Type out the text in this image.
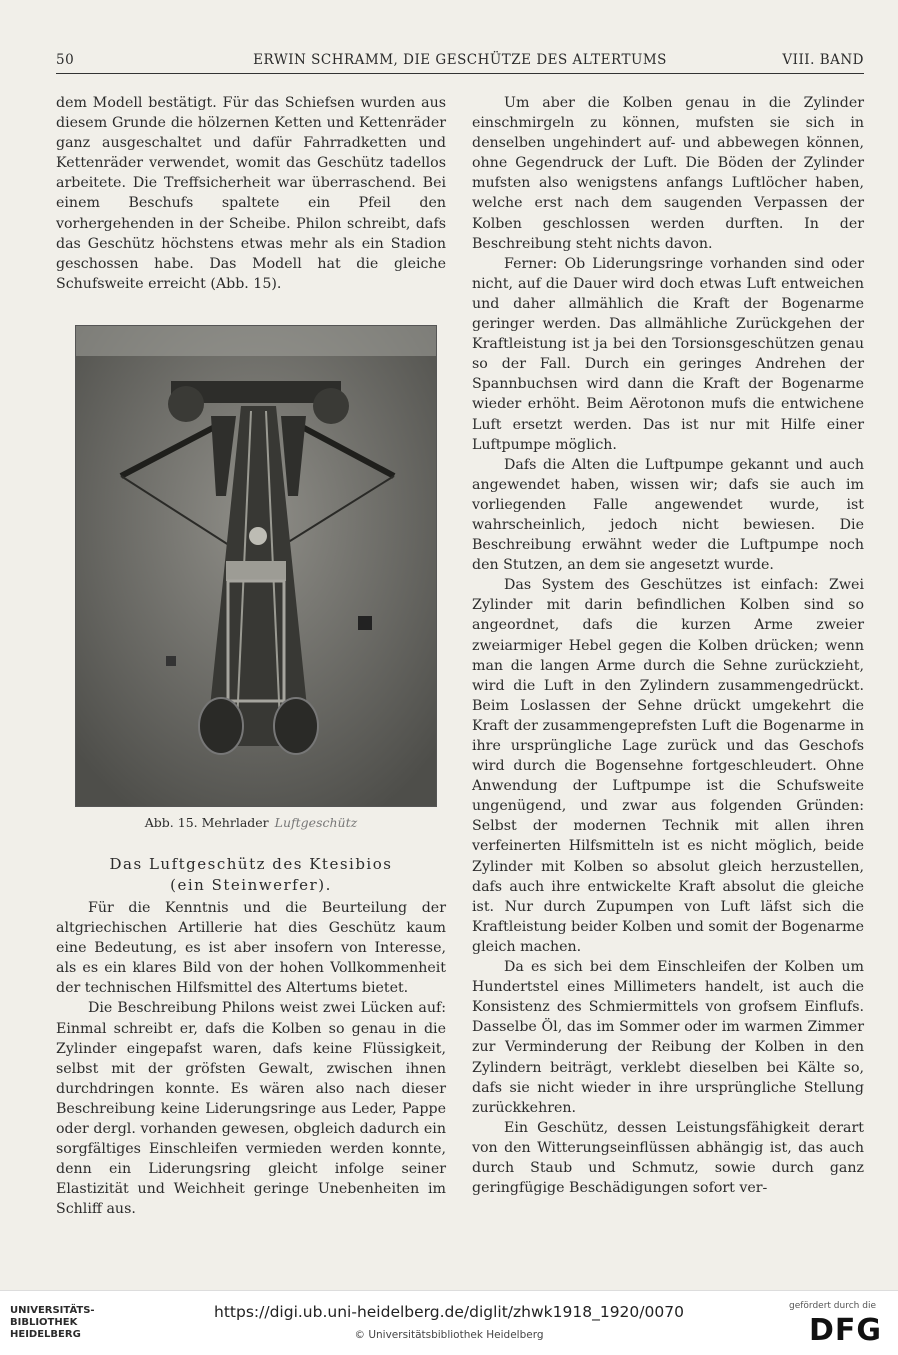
50	ERWIN SCHRAMM, DIE GESCHÜTZE DES ALTERTUMS	VIII. BAND

dem Modell bestätigt. Für das Schiefsen wurden aus diesem Grunde die hölzernen Ketten und Kettenräder ganz ausgeschaltet und dafür Fahrradketten und Kettenräder verwendet, womit das Geschütz tadellos arbeitete. Die Treffsicherheit war überraschend. Bei einem Beschufs spaltete ein Pfeil den vorhergehenden in der Scheibe. Philon schreibt, dafs das Geschütz höchstens etwas mehr als ein Stadion geschossen habe. Das Modell hat die gleiche Schufsweite erreicht (Abb. 15).

Abb. 15. Mehrlader Luftgeschütz
Das Luftgeschütz des Ktesibios
(ein Steinwerfer).

Für die Kenntnis und die Beurteilung der altgriechischen Artillerie hat dies Geschütz kaum eine Bedeutung, es ist aber insofern von Interesse, als es ein klares Bild von der hohen Vollkommenheit der technischen Hilfsmittel des Altertums bietet.

Die Beschreibung Philons weist zwei Lücken auf: Einmal schreibt er, dafs die Kolben so genau in die Zylinder eingepafst waren, dafs keine Flüssigkeit, selbst mit der gröfsten Gewalt, zwischen ihnen durchdringen konnte. Es wären also nach dieser Beschreibung keine Liderungsringe aus Leder, Pappe oder dergl. vorhanden gewesen, obgleich dadurch ein sorgfältiges Einschleifen vermieden werden konnte, denn ein Liderungsring gleicht infolge seiner Elastizität und Weichheit geringe Unebenheiten im Schliff aus.

Um aber die Kolben genau in die Zylinder einschmirgeln zu können, mufsten sie sich in denselben ungehindert auf- und abbewegen können, ohne Gegendruck der Luft. Die Böden der Zylinder mufsten also wenigstens anfangs Luftlöcher haben, welche erst nach dem saugenden Verpassen der Kolben geschlossen werden durften. In der Beschreibung steht nichts davon.

Ferner: Ob Liderungsringe vorhanden sind oder nicht, auf die Dauer wird doch etwas Luft entweichen und daher allmählich die Kraft der Bogenarme geringer werden. Das allmähliche Zurückgehen der Kraftleistung ist ja bei den Torsionsgeschützen genau so der Fall. Durch ein geringes Andrehen der Spannbuchsen wird dann die Kraft der Bogenarme wieder erhöht. Beim Aërotonon mufs die entwichene Luft ersetzt werden. Das ist nur mit Hilfe einer Luftpumpe möglich.

Dafs die Alten die Luftpumpe gekannt und auch angewendet haben, wissen wir; dafs sie auch im vorliegenden Falle angewendet wurde, ist wahrscheinlich, jedoch nicht bewiesen. Die Beschreibung erwähnt weder die Luftpumpe noch den Stutzen, an dem sie angesetzt wurde.

Das System des Geschützes ist einfach: Zwei Zylinder mit darin befindlichen Kolben sind so angeordnet, dafs die kurzen Arme zweier zweiarmiger Hebel gegen die Kolben drücken; wenn man die langen Arme durch die Sehne zurückzieht, wird die Luft in den Zylindern zusammengedrückt. Beim Loslassen der Sehne drückt umgekehrt die Kraft der zusammengeprefsten Luft die Bogenarme in ihre ursprüngliche Lage zurück und das Geschofs wird durch die Bogensehne fortgeschleudert. Ohne Anwendung der Luftpumpe ist die Schufsweite ungenügend, und zwar aus folgenden Gründen: Selbst der modernen Technik mit allen ihren verfeinerten Hilfsmitteln ist es nicht möglich, beide Zylinder mit Kolben so absolut gleich herzustellen, dafs auch ihre entwickelte Kraft absolut die gleiche ist. Nur durch Zupumpen von Luft läfst sich die Kraftleistung beider Kolben und somit der Bogenarme gleich machen.

Da es sich bei dem Einschleifen der Kolben um Hundertstel eines Millimeters handelt, ist auch die Konsistenz des Schmiermittels von grofsem Einflufs. Dasselbe Öl, das im Sommer oder im warmen Zimmer zur Verminderung der Reibung der Kolben in den Zylindern beiträgt, verklebt dieselben bei Kälte so, dafs sie nicht wieder in ihre ursprüngliche Stellung zurückkehren.

Ein Geschütz, dessen Leistungsfähigkeit derart von den Witterungseinflüssen abhängig ist, das auch durch Staub und Schmutz, sowie durch ganz geringfügige Beschädigungen sofort ver-

UNIVERSITÄTS-
BIBLIOTHEK
HEIDELBERG
https://digi.ub.uni-heidelberg.de/diglit/zhwk1918_1920/0070
© Universitätsbibliothek Heidelberg
gefördert durch die
DFG
